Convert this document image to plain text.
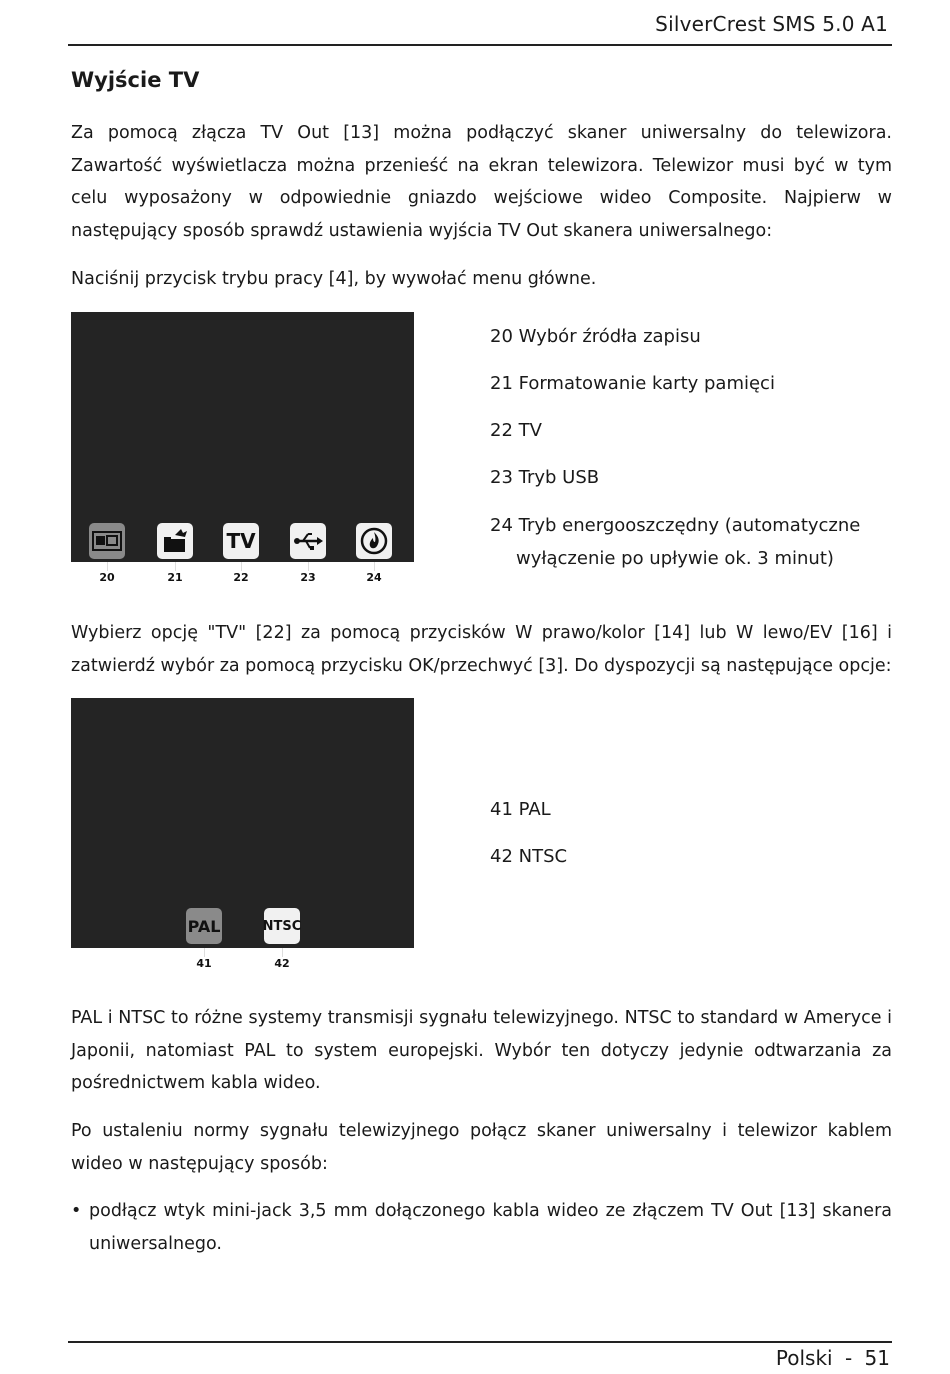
SilverCrest SMS 5.0 A1
Wyjście TV
Za pomocą złącza TV Out [13] można podłączyć skaner uniwersalny do telewizora. Zawartość wyświetlacza można przenieść na ekran telewizora. Telewizor musi być w tym celu wyposażony w odpowiednie gniazdo wejściowe wideo Composite. Najpierw w następujący sposób sprawdź ustawienia wyjścia TV Out skanera uniwersalnego:
Naciśnij przycisk trybu pracy [4], by wywołać menu główne.
TV
20	21	22	23	24
20 Wybór źródła zapisu
21 Formatowanie karty pamięci
22 TV
23 Tryb USB
24 Tryb energooszczędny (automatyczne
wyłączenie po upływie ok. 3 minut)
Wybierz opcję "TV" [22] za pomocą przycisków W prawo/kolor [14] lub W lewo/EV [16] i zatwierdź wybór za pomocą przycisku OK/przechwyć [3]. Do dyspozycji są następujące opcje:
PAL	NTSC
41	42
41 PAL
42 NTSC
PAL i NTSC to różne systemy transmisji sygnału telewizyjnego. NTSC to standard w Ameryce i Japonii, natomiast PAL to system europejski. Wybór ten dotyczy jedynie odtwarzania za pośrednictwem kabla wideo.
Po ustaleniu normy sygnału telewizyjnego połącz skaner uniwersalny i telewizor kablem wideo w następujący sposób:
• podłącz wtyk mini-jack 3,5 mm dołączonego kabla wideo ze złączem TV Out [13] skanera uniwersalnego.
Polski - 51
